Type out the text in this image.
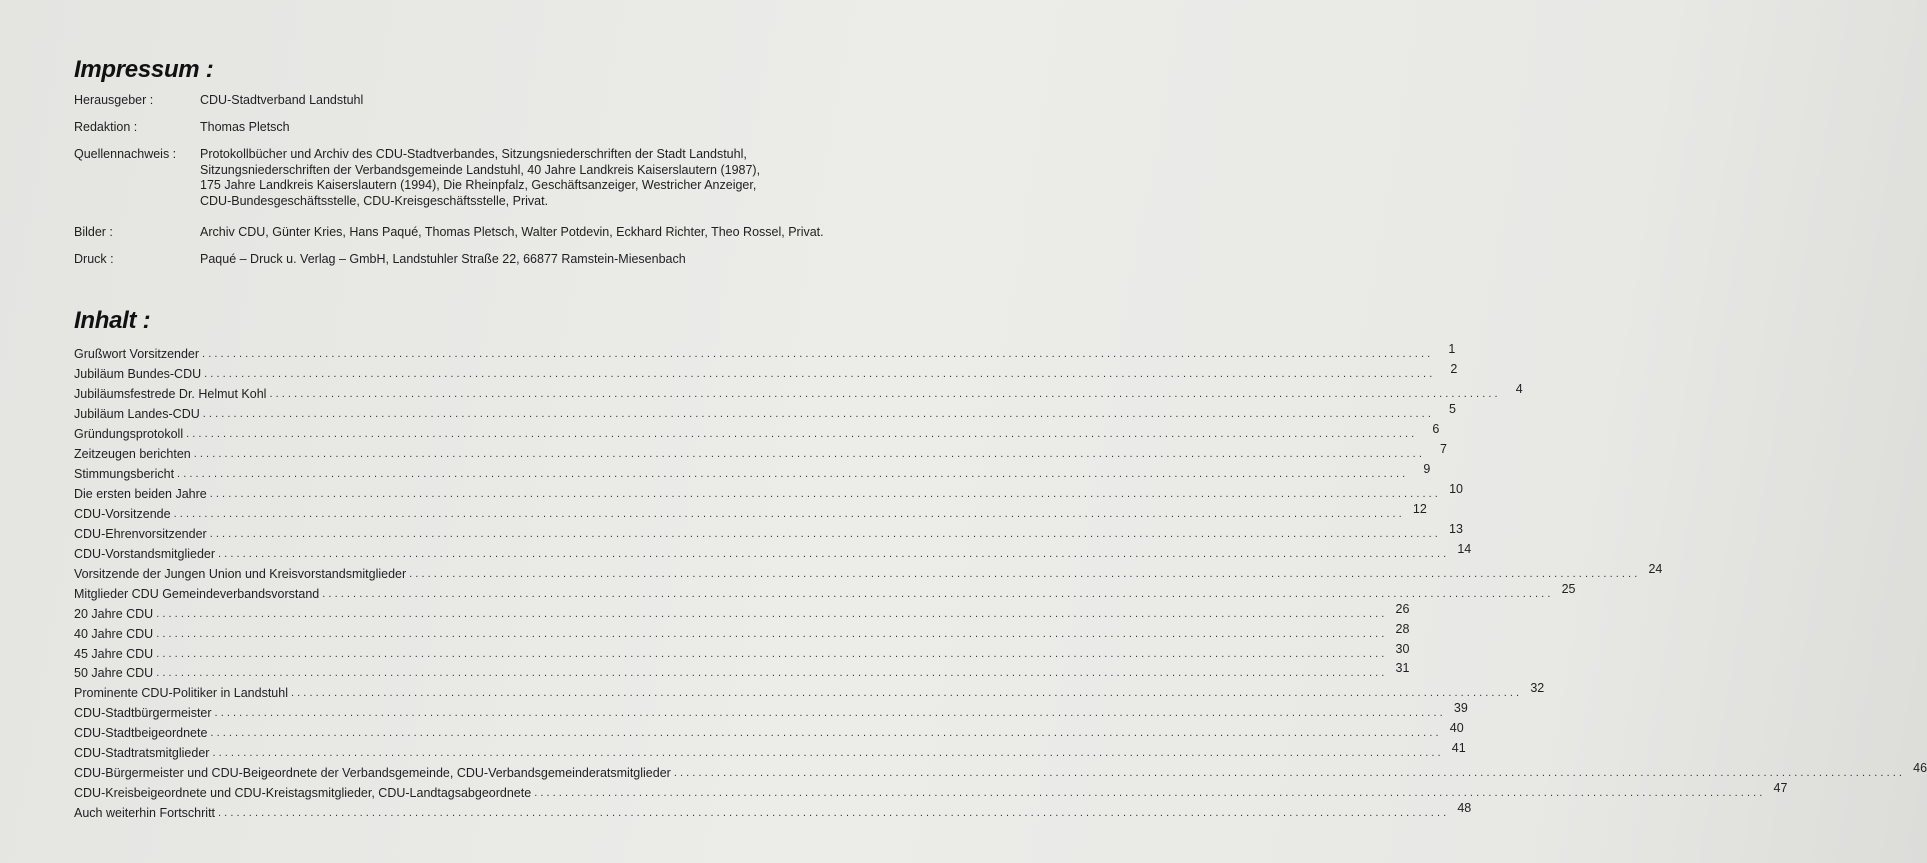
Impressum :
Herausgeber :	CDU-Stadtverband Landstuhl
Redaktion :	Thomas Pletsch
Quellennachweis :	Protokollbücher und Archiv des CDU-Stadtverbandes, Sitzungsniederschriften der Stadt Landstuhl,
Sitzungsniederschriften der Verbandsgemeinde Landstuhl, 40 Jahre Landkreis Kaiserslautern (1987),
175 Jahre Landkreis Kaiserslautern (1994), Die Rheinpfalz, Geschäftsanzeiger, Westricher Anzeiger,
CDU-Bundesgeschäftsstelle, CDU-Kreisgeschäftsstelle, Privat.
Bilder :	Archiv CDU, Günter Kries, Hans Paqué, Thomas Pletsch, Walter Potdevin, Eckhard Richter, Theo Rossel, Privat.
Druck :	Paqué – Druck u. Verlag – GmbH, Landstuhler Straße 22, 66877 Ramstein-Miesenbach
Inhalt :
Grußwort Vorsitzender ........................................................................................................................................................................................................	1
Jubiläum Bundes-CDU ........................................................................................................................................................................................................	2
Jubiläumsfestrede Dr. Helmut Kohl ........................................................................................................................................................................................................	4
Jubiläum Landes-CDU ........................................................................................................................................................................................................	5
Gründungsprotokoll ........................................................................................................................................................................................................	6
Zeitzeugen berichten ........................................................................................................................................................................................................	7
Stimmungsbericht ........................................................................................................................................................................................................	9
Die ersten beiden Jahre ........................................................................................................................................................................................................ 10
CDU-Vorsitzende ........................................................................................................................................................................................................ 12
CDU-Ehrenvorsitzender ........................................................................................................................................................................................................ 13
CDU-Vorstandsmitglieder ........................................................................................................................................................................................................ 14
Vorsitzende der Jungen Union und Kreisvorstandsmitglieder ........................................................................................................................................................................................................ 24
Mitglieder CDU Gemeindeverbandsvorstand ........................................................................................................................................................................................................ 25
20 Jahre CDU ........................................................................................................................................................................................................ 26
40 Jahre CDU ........................................................................................................................................................................................................ 28
45 Jahre CDU ........................................................................................................................................................................................................ 30
50 Jahre CDU ........................................................................................................................................................................................................ 31
Prominente CDU-Politiker in Landstuhl ........................................................................................................................................................................................................ 32
CDU-Stadtbürgermeister ........................................................................................................................................................................................................ 39
CDU-Stadtbeigeordnete ........................................................................................................................................................................................................ 40
CDU-Stadtratsmitglieder ........................................................................................................................................................................................................ 41
CDU-Bürgermeister und CDU-Beigeordnete der Verbandsgemeinde, CDU-Verbandsgemeinderatsmitglieder ........................................................................................................................................................................................................ 46
CDU-Kreisbeigeordnete und CDU-Kreistagsmitglieder, CDU-Landtagsabgeordnete ........................................................................................................................................................................................................ 47
Auch weiterhin Fortschritt ........................................................................................................................................................................................................ 48
